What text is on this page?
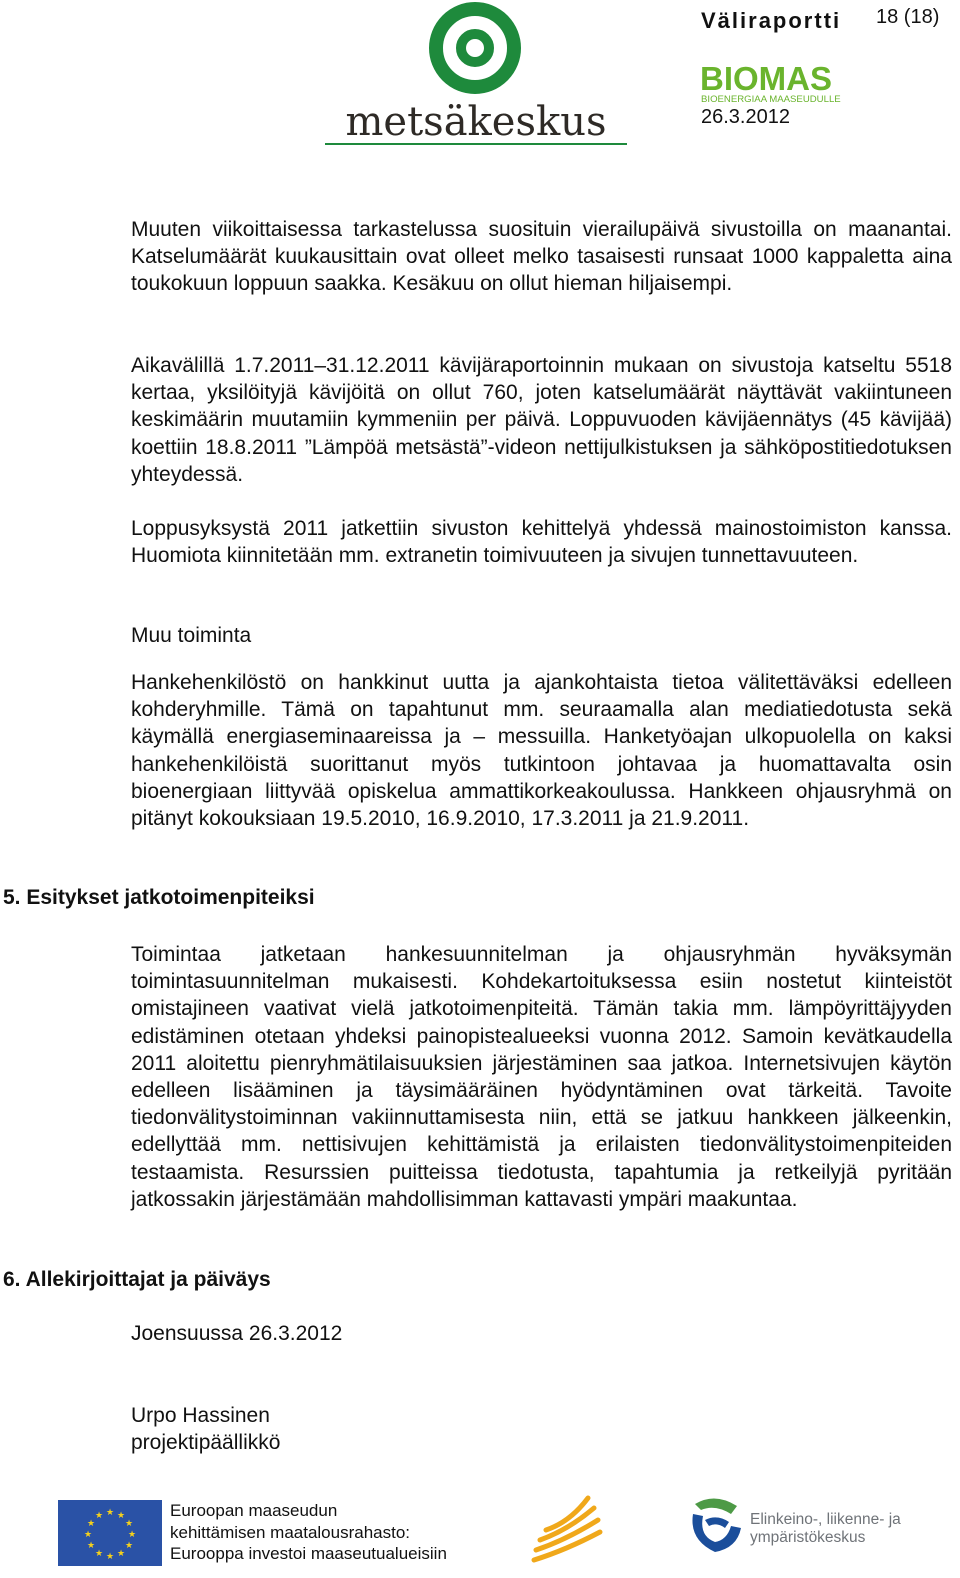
metsäkeskus
Väliraportti 18 (18)
BIOMAS
BIOENERGIAA MAASEUDULLE
26.3.2012

Muuten viikoittaisessa tarkastelussa suosituin vierailupäivä sivustoilla on maanantai. Katselumäärät kuukausittain ovat olleet melko tasaisesti runsaat 1000 kappaletta aina toukokuun loppuun saakka. Kesäkuu on ollut hieman hiljaisempi.

Aikavälillä 1.7.2011–31.12.2011 kävijäraportoinnin mukaan on sivustoja katseltu 5518 kertaa, yksilöityjä kävijöitä on ollut 760, joten katselumäärät näyttävät vakiintuneen keskimäärin muutamiin kymmeniin per päivä. Loppuvuoden kävijäennätys (45 kävijää) koettiin 18.8.2011 ”Lämpöä metsästä”-videon nettijulkistuksen ja sähköpostitiedotuksen yhteydessä.

Loppusyksystä 2011 jatkettiin sivuston kehittelyä yhdessä mainostoimiston kanssa. Huomiota kiinnitetään mm. extranetin toimivuuteen ja sivujen tunnettavuuteen.

Muu toiminta

Hankehenkilöstö on hankkinut uutta ja ajankohtaista tietoa välitettäväksi edelleen kohderyhmille. Tämä on tapahtunut mm. seuraamalla alan mediatiedotusta sekä käymällä energiaseminaareissa ja – messuilla. Hanketyöajan ulkopuolella on kaksi hankehenkilöistä suorittanut myös tutkintoon johtavaa ja huomattavalta osin bioenergiaan liittyvää opiskelua ammattikorkeakoulussa. Hankkeen ohjausryhmä on pitänyt kokouksiaan 19.5.2010, 16.9.2010, 17.3.2011 ja 21.9.2011.

5. Esitykset jatkotoimenpiteiksi

Toimintaa jatketaan hankesuunnitelman ja ohjausryhmän hyväksymän toimintasuunnitelman mukaisesti. Kohdekartoituksessa esiin nostetut kiinteistöt omistajineen vaativat vielä jatkotoimenpiteitä. Tämän takia mm. lämpöyrittäjyyden edistäminen otetaan yhdeksi painopistealueeksi vuonna 2012. Samoin kevätkaudella 2011 aloitettu pienryhmätilaisuuksien järjestäminen saa jatkoa. Internetsivujen käytön edelleen lisääminen ja täysimääräinen hyödyntäminen ovat tärkeitä. Tavoite tiedonvälitystoiminnan vakiinnuttamisesta niin, että se jatkuu hankkeen jälkeenkin, edellyttää mm. nettisivujen kehittämistä ja erilaisten tiedonvälitystoimenpiteiden testaamista. Resurssien puitteissa tiedotusta, tapahtumia ja retkeilyjä pyritään jatkossakin järjestämään mahdollisimman kattavasti ympäri maakuntaa.

6. Allekirjoittajat ja päiväys

Joensuussa 26.3.2012

Urpo Hassinen

projektipäällikkö

★ ★
★
★
★
★
★
★
★
★
★
★	Euroopan maaseudun
kehittämisen maatalousrahasto:
Eurooppa investoi maaseutualueisiin
Elinkeino-, liikenne- ja
ympäristökeskus
